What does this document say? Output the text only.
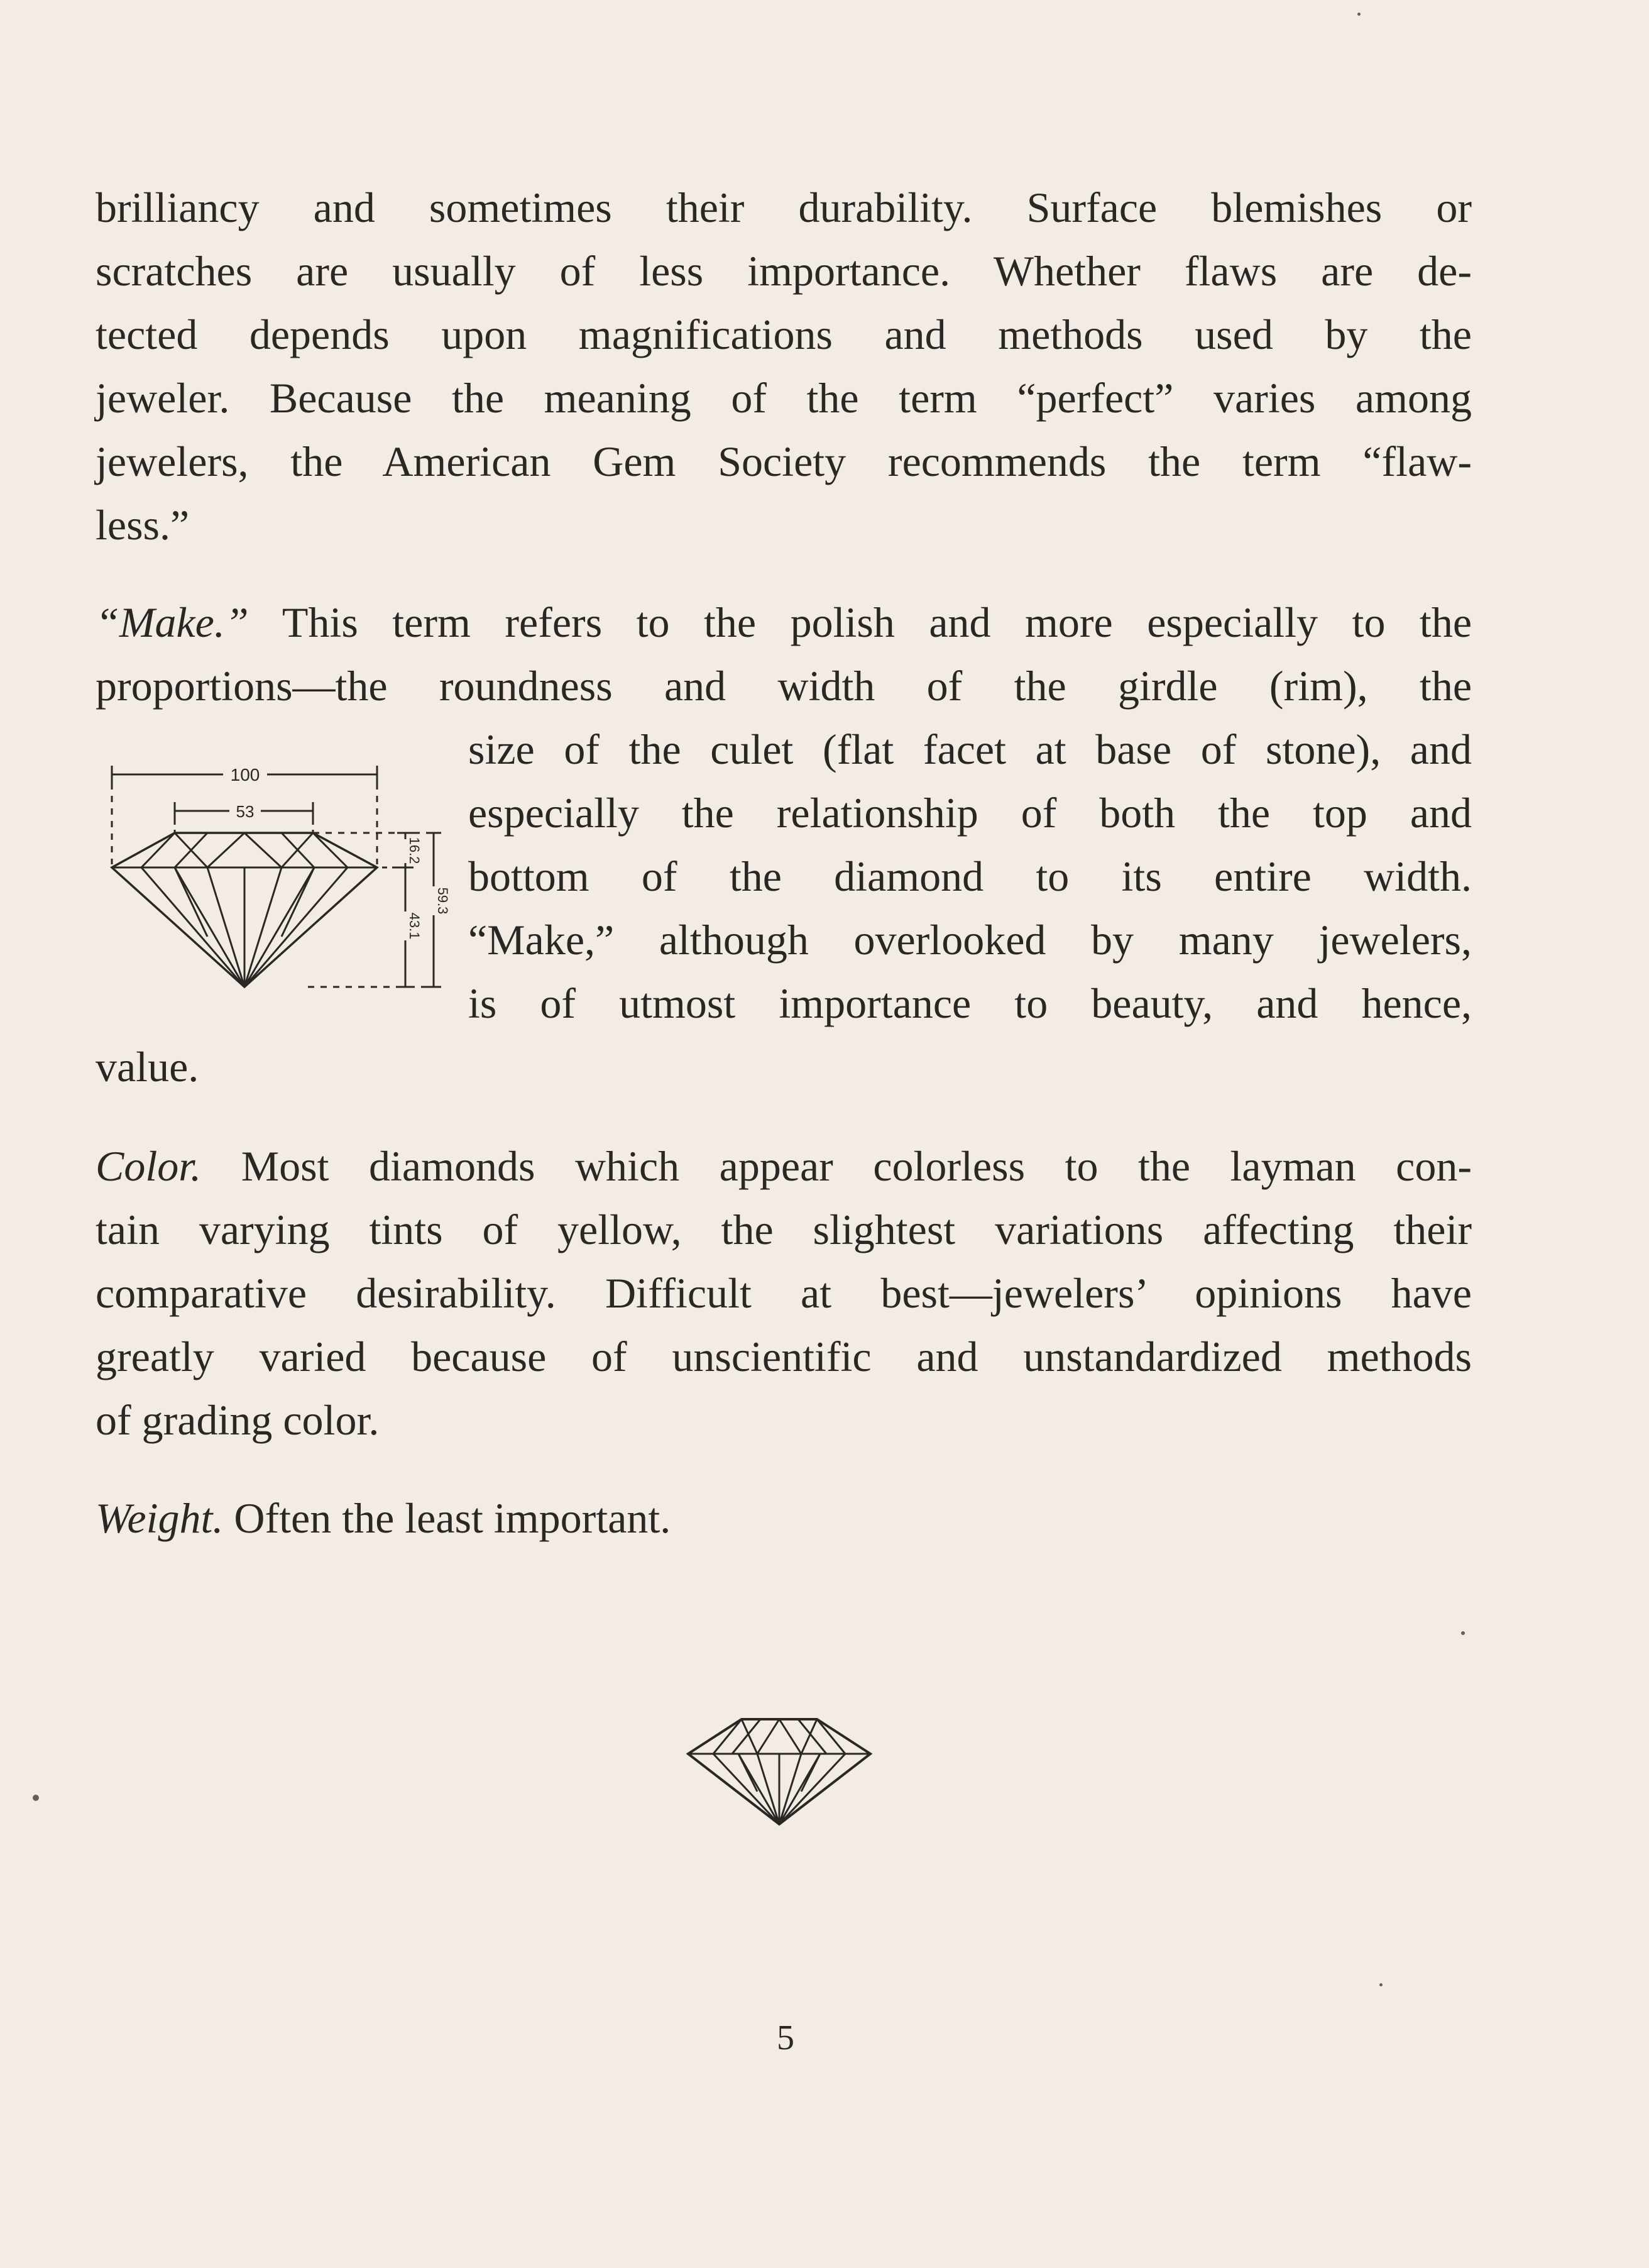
brilliancy and sometimes their durability. Surface blemishes or
scratches are usually of less importance. Whether flaws are de-
tected depends upon magnifications and methods used by the
jeweler. Because the meaning of the term “perfect” varies among
jewelers, the American Gem Society recommends the term “flaw-
less.”
“Make.” This term refers to the polish and more especially to the
proportions—the roundness and width of the girdle (rim), the
size of the culet (flat facet at base of stone), and
especially the relationship of both the top and
bottom of the diamond to its entire width.
“Make,” although overlooked by many jewelers,
is of utmost importance to beauty, and hence,
value.
100
53
16.2
43.1
59.3
Color. Most diamonds which appear colorless to the layman con-
tain varying tints of yellow, the slightest variations affecting their
comparative desirability. Difficult at best—jewelers’ opinions have
greatly varied because of unscientific and unstandardized methods
of grading color.
Weight. Often the least important.
5
